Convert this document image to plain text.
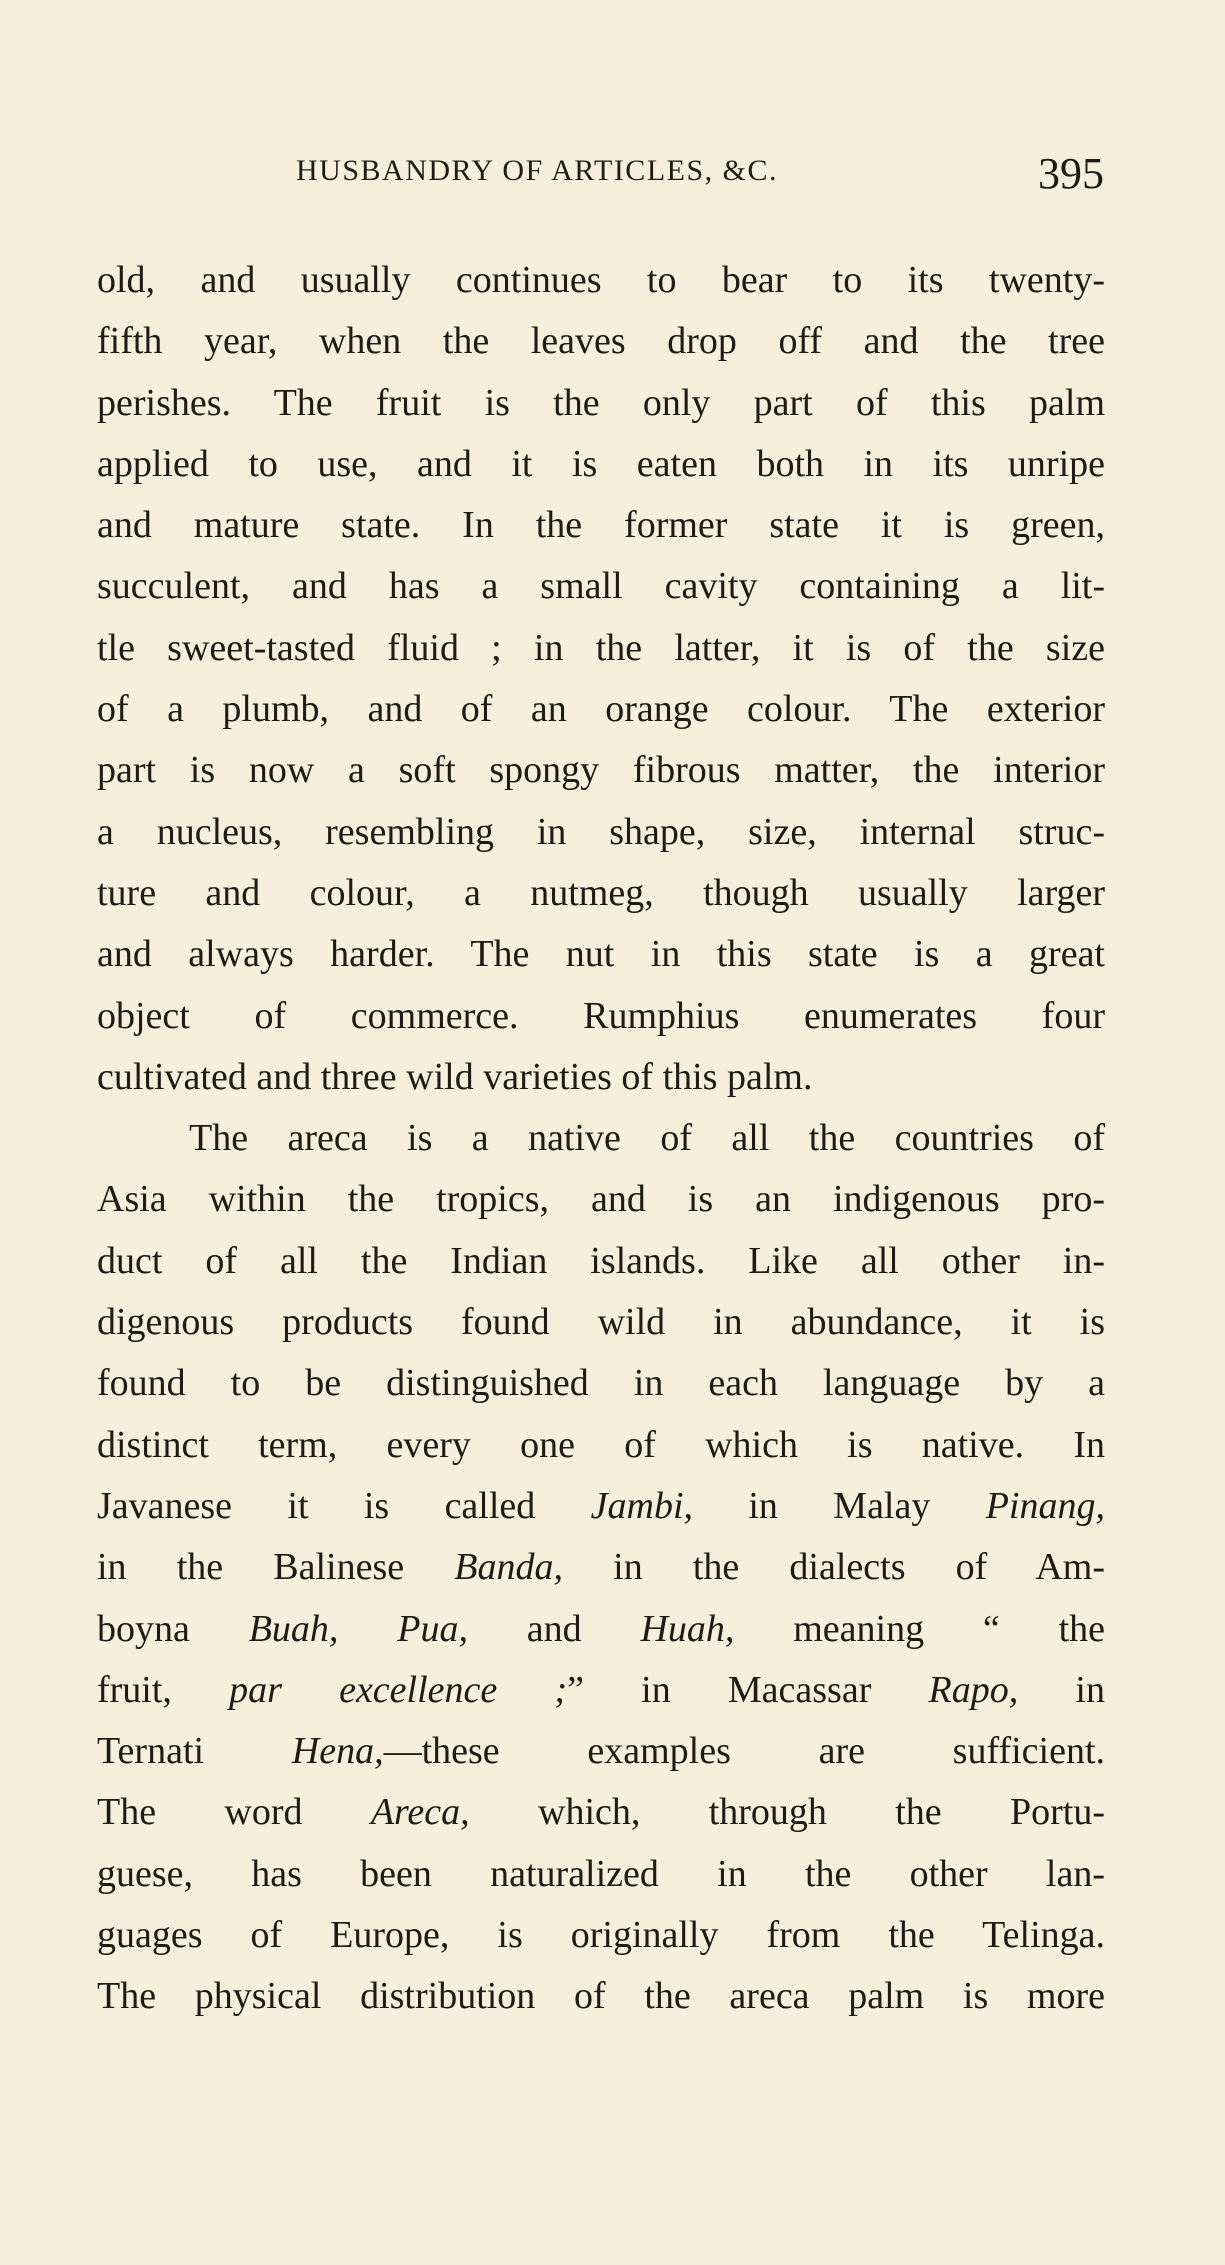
HUSBANDRY OF ARTICLES, &C.	395
old, and usually continues to bear to its twenty-
fifth year, when the leaves drop off and the tree
perishes. The fruit is the only part of this palm
applied to use, and it is eaten both in its unripe
and mature state. In the former state it is green,
succulent, and has a small cavity containing a lit-
tle sweet-tasted fluid ; in the latter, it is of the size
of a plumb, and of an orange colour. The exterior
part is now a soft spongy fibrous matter, the interior
a nucleus, resembling in shape, size, internal struc-
ture and colour, a nutmeg, though usually larger
and always harder. The nut in this state is a great
object of commerce. Rumphius enumerates four
cultivated and three wild varieties of this palm.
The areca is a native of all the countries of
Asia within the tropics, and is an indigenous pro-
duct of all the Indian islands. Like all other in-
digenous products found wild in abundance, it is
found to be distinguished in each language by a
distinct term, every one of which is native. In
Javanese it is called Jambi, in Malay Pinang,
in the Balinese Banda, in the dialects of Am-
boyna Buah, Pua, and Huah, meaning “ the
fruit, par excellence ;” in Macassar Rapo, in
Ternati Hena,—these examples are sufficient.
The word Areca, which, through the Portu-
guese, has been naturalized in the other lan-
guages of Europe, is originally from the Telinga.
The physical distribution of the areca palm is more
